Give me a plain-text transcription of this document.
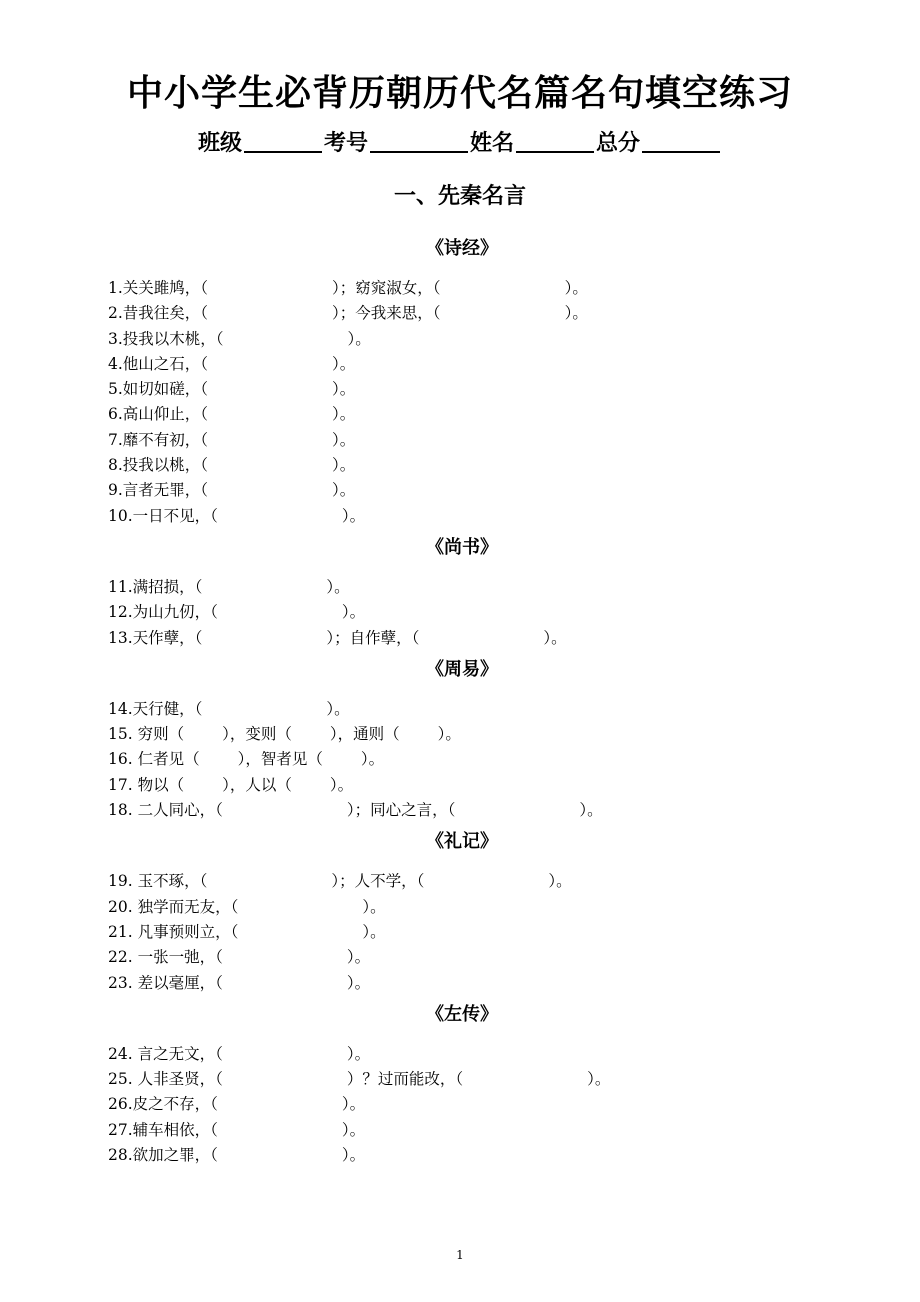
中小学生必背历朝历代名篇名句填空练习
班级	考号	姓名	总分
一、先秦名言
《诗经》
1.关关雎鸠，（	）；窈窕淑女，（	）。
2.昔我往矣，（	）；今我来思，（	）。
3.投我以木桃，（	）。
4.他山之石，（	）。
5.如切如磋，（	）。
6.高山仰止，（	）。
7.靡不有初，（	）。
8.投我以桃，（	）。
9.言者无罪，（	）。
10.一日不见，（	）。
《尚书》
11.满招损，（	）。
12.为山九仞，（	）。
13.天作孽，（	）；自作孽，（	）。
《周易》
14.天行健，（	）。
15. 穷则（ ），变则（ ），通则（ ）。
16. 仁者见（ ），智者见（ ）。
17. 物以（ ），人以（ ）。
18. 二人同心，（	）；同心之言，（	）。
《礼记》
19. 玉不琢，（	）；人不学，（	）。
20. 独学而无友，（	）。
21. 凡事预则立，（	）。
22. 一张一弛，（	）。
23. 差以毫厘，（	）。
《左传》
24. 言之无文，（	）。
25. 人非圣贤，（	）？过而能改，（	）。
26.皮之不存，（	）。
27.辅车相依，（	）。
28.欲加之罪，（	）。
1
